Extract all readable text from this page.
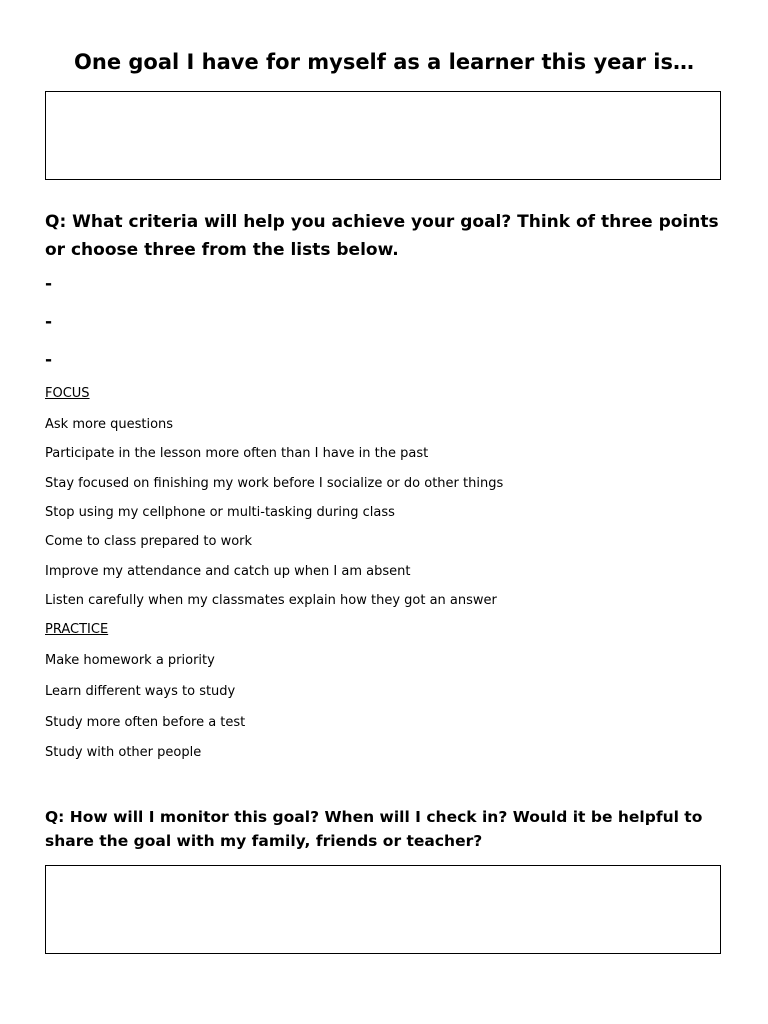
One goal I have for myself as a learner this year is…
Q: What criteria will help you achieve your goal? Think of three points or choose three from the lists below.
-
-
-
FOCUS
Ask more questions
Participate in the lesson more often than I have in the past
Stay focused on finishing my work before I socialize or do other things
Stop using my cellphone or multi-tasking during class
Come to class prepared to work
Improve my attendance and catch up when I am absent
Listen carefully when my classmates explain how they got an answer
PRACTICE
Make homework a priority
Learn different ways to study
Study more often before a test
Study with other people
Q: How will I monitor this goal? When will I check in? Would it be helpful to share the goal with my family, friends or teacher?
